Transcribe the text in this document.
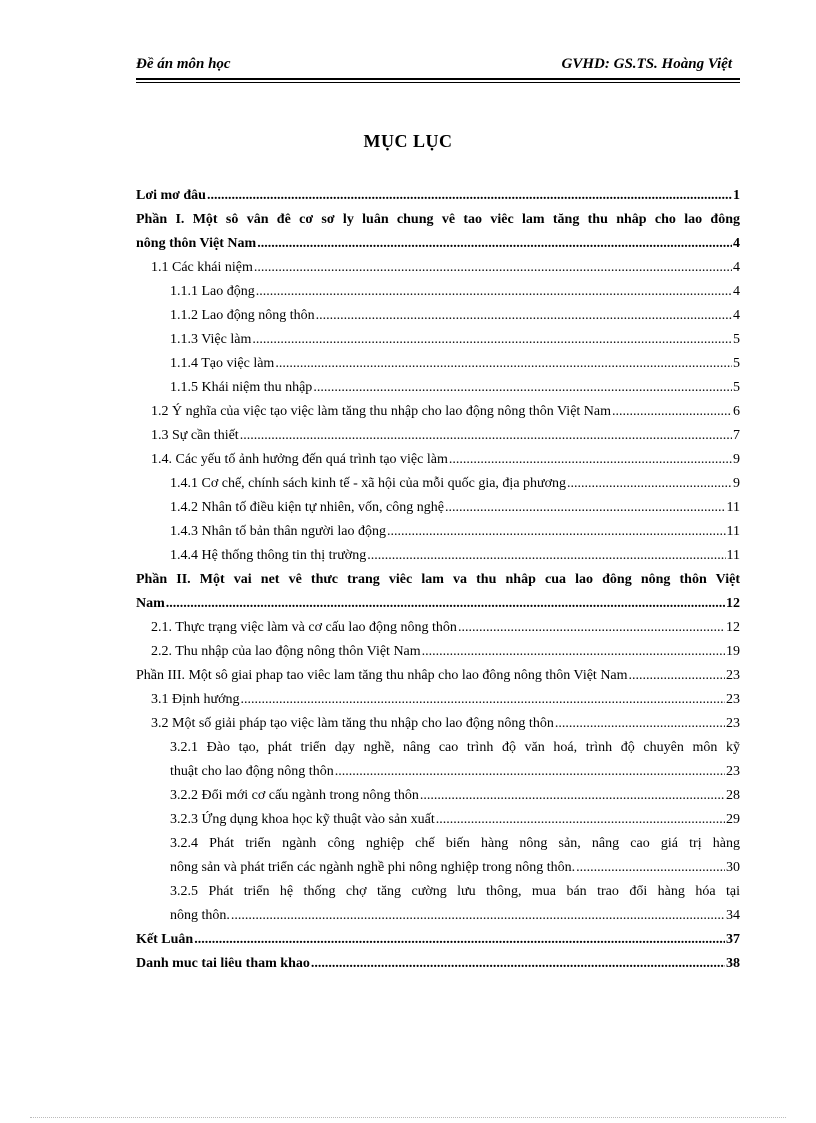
Đề án môn học	GVHD: GS.TS. Hoàng Việt
MỤC LỤC
Lơi mơ đâu .....	1
Phần I. Một sô vân đê cơ sơ ly luân chung vê tao viêc lam tăng thu nhâp cho lao đông
nông thôn Việt Nam .....	4
1.1 Các khái niệm .....	4
1.1.1 Lao động .....	4
1.1.2 Lao động nông thôn .....	4
1.1.3 Việc làm .....	5
1.1.4 Tạo việc làm .....	5
1.1.5 Khái niệm thu nhập .....	5
1.2 Ý nghĩa của việc tạo việc làm tăng thu nhập cho lao động nông thôn Việt Nam .....	6
1.3 Sự cần thiết .....	7
1.4. Các yếu tố ảnh hưởng đến quá trình tạo việc làm .....	9
1.4.1 Cơ chế, chính sách kinh tế - xã hội của mỗi quốc gia, địa phương .....	9
1.4.2 Nhân tố điều kiện tự nhiên, vốn, công nghệ .....	11
1.4.3 Nhân tố bản thân người lao động .....	11
1.4.4 Hệ thống thông tin thị trường .....	11
Phần II. Một vai net vê thưc trang viêc lam va thu nhâp cua lao đông nông thôn Việt
Nam .....	12
2.1. Thực trạng việc làm và cơ cấu lao động nông thôn .....	12
2.2. Thu nhập của lao động nông thôn Việt Nam .....	19
Phần III. Một sô giai phap tao viêc lam tăng thu nhâp cho lao đông nông thôn Việt Nam .....	23
3.1 Định hướng .....	23
3.2 Một số giải pháp tạo việc làm tăng thu nhập cho lao động nông thôn .....	23
3.2.1 Đào tạo, phát triển dạy nghề, nâng cao trình độ văn hoá, trình độ chuyên môn kỹ
thuật cho lao động nông thôn .....	23
3.2.2 Đổi mới cơ cấu ngành trong nông thôn .....	28
3.2.3 Ứng dụng khoa học kỹ thuật vào sản xuất .....	29
3.2.4 Phát triển ngành công nghiệp chế biến hàng nông sản, nâng cao giá trị hàng
nông sản và phát triển các ngành nghề phi nông nghiệp trong nông thôn. .....	30
3.2.5 Phát triển hệ thống chợ tăng cường lưu thông, mua bán trao đổi hàng hóa tại
nông thôn. .....	34
Kết Luân .....	37
Danh muc tai liêu tham khao .....	38
